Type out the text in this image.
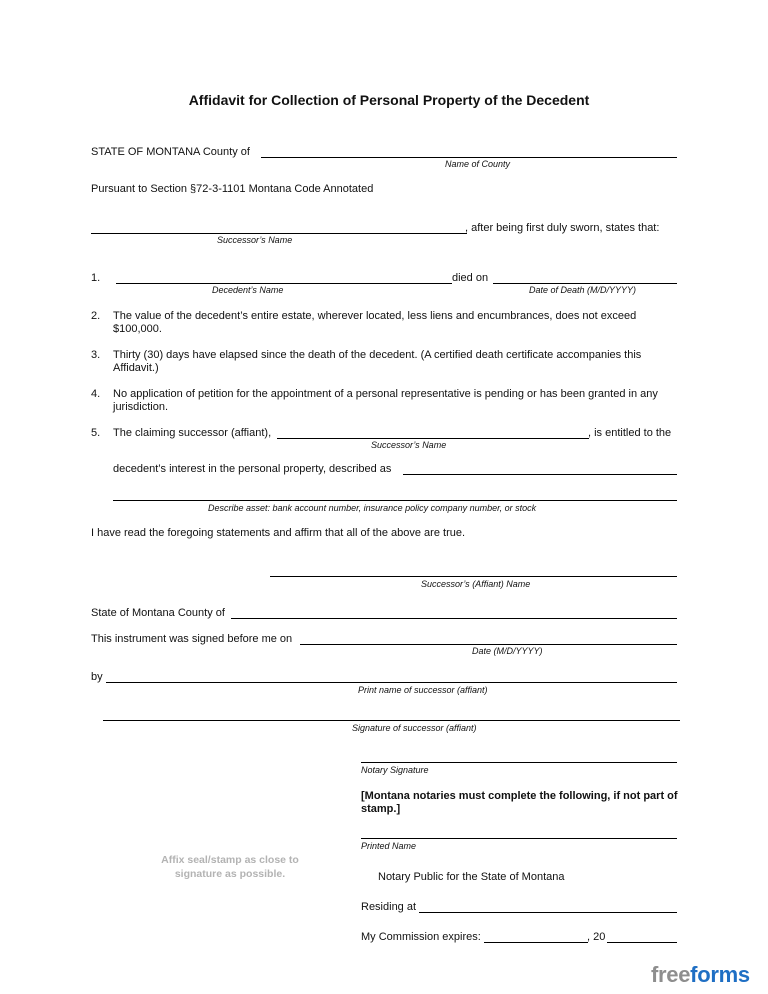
Affidavit for Collection of Personal Property of the Decedent
STATE OF MONTANA County of
Name of County
Pursuant to Section §72-3-1101 Montana Code Annotated
, after being first duly sworn, states that:
Successor’s Name
1.	died on
Decedent’s Name	Date of Death (M/D/YYYY)
2. The value of the decedent’s entire estate, wherever located, less liens and encumbrances, does not exceed
$100,000.
3. Thirty (30) days have elapsed since the death of the decedent. (A certified death certificate accompanies this
Affidavit.)
4. No application of petition for the appointment of a personal representative is pending or has been granted in any
jurisdiction.
5. The claiming successor (affiant),	, is entitled to the
Successor’s Name
decedent’s interest in the personal property, described as
Describe asset: bank account number, insurance policy company number, or stock
I have read the foregoing statements and affirm that all of the above are true.
Successor’s (Affiant) Name
State of Montana County of
This instrument was signed before me on
Date (M/D/YYYY)
by
Print name of successor (affiant)
Signature of successor (affiant)
Notary Signature
[Montana notaries must complete the following, if not part of
stamp.]
Printed Name
Notary Public for the State of Montana
Residing at
My Commission expires:	, 20
Affix seal/stamp as close to
signature as possible.
freeforms
